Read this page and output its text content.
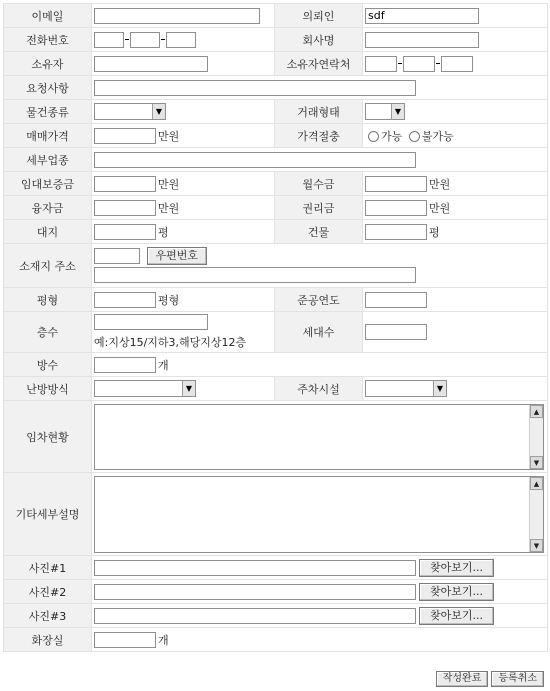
이메일		의뢰인	sdf
전화번호		회사명	
소유자		소유자연락처	
요청사항	
물건종류	▼	거래형태	▼

매매가격	만원	가격절충	가능 불가능
세부업종	
임대보증금	만원	월수금	만원
융자금	만원	권리금	만원
대지	평	건물	평
소재지 주소	우편번호		

평형	평형	준공연도	
층수	예:지상15/지하3,해당지상12층	세대수	
방수	개		
난방방식	▼	주차시설	▼

임차현황	▲
▼		

기타세부설명	▲
▼		

사진#1	찾아보기...		
사진#2	찾아보기...		
사진#3	찾아보기...		
화장실	개		
작성완료 등록취소
